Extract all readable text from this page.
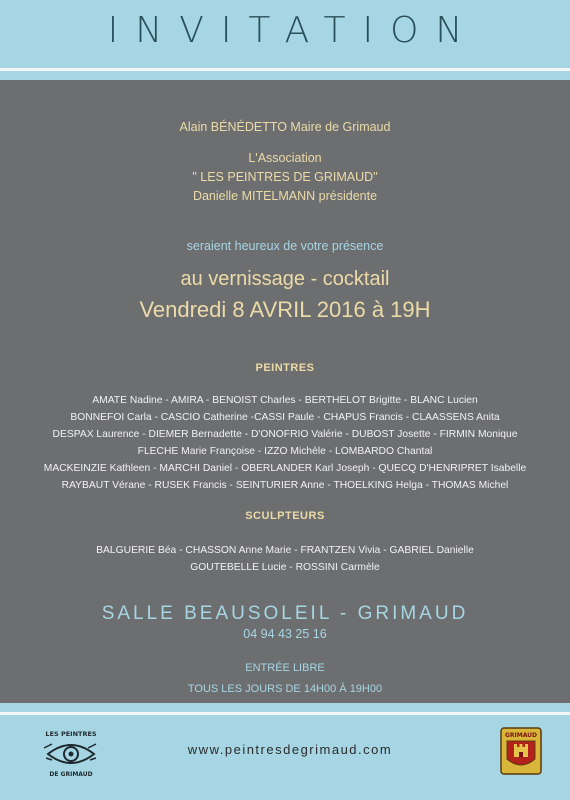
INVITATION
Alain BÉNÉDETTO Maire de Grimaud
L'Association
" LES PEINTRES DE GRIMAUD"
Danielle MITELMANN présidente
seraient heureux de votre présence
au vernissage - cocktail
Vendredi 8 AVRIL 2016 à 19H
PEINTRES
AMATE Nadine - AMIRA - BENOIST Charles - BERTHELOT Brigitte - BLANC Lucien
BONNEFOI Carla - CASCIO Catherine -CASSI Paule - CHAPUS Francis - CLAASSENS Anita
DESPAX Laurence - DIEMER Bernadette - D'ONOFRIO Valérie - DUBOST Josette - FIRMIN Monique
FLECHE Marie Françoise - IZZO Michèle - LOMBARDO Chantal
MACKEINZIE Kathleen - MARCHI Daniel - OBERLANDER Karl Joseph - QUECQ D'HENRIPRET Isabelle
RAYBAUT Vérane - RUSEK Francis - SEINTURIER Anne - THOELKING Helga - THOMAS Michel
SCULPTEURS
BALGUERIE Béa - CHASSON Anne Marie - FRANTZEN Vivia - GABRIEL Danielle
GOUTEBELLE Lucie - ROSSINI Carmèle
SALLE BEAUSOLEIL - GRIMAUD
04 94 43 25 16
ENTRÉE LIBRE
TOUS LES JOURS DE 14H00 À 19H00
LES PEINTRES
DE GRIMAUD
www.peintresdegrimaud.com
GRIMAUD
